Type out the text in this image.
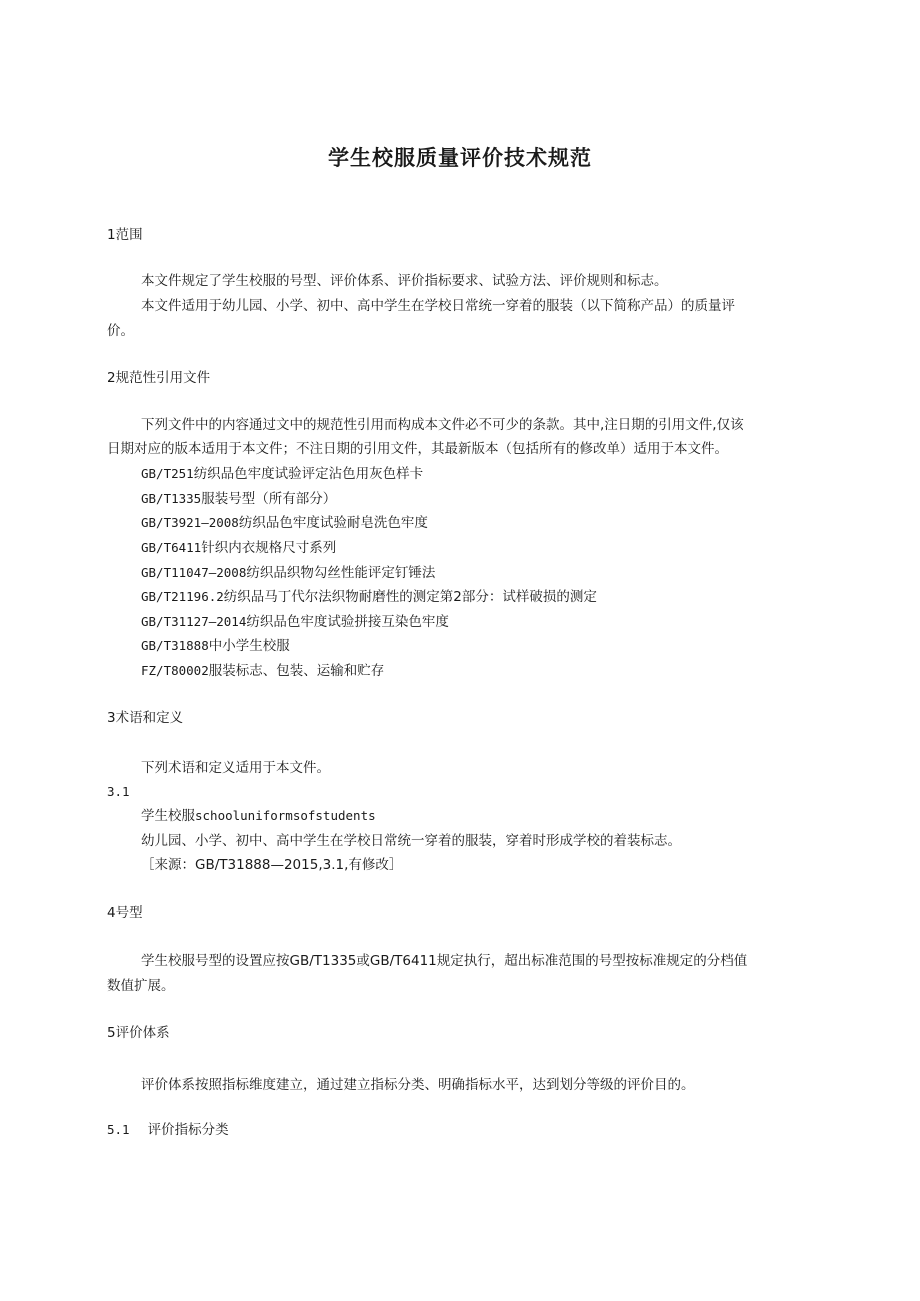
学生校服质量评价技术规范
1范围
本文件规定了学生校服的号型、评价体系、评价指标要求、试验方法、评价规则和标志。
本文件适用于幼儿园、小学、初中、高中学生在学校日常统一穿着的服装（以下简称产品）的质量评
价。
2规范性引用文件
下列文件中的内容通过文中的规范性引用而构成本文件必不可少的条款。其中,注日期的引用文件,仅该
日期对应的版本适用于本文件；不注日期的引用文件，其最新版本（包括所有的修改单）适用于本文件。
GB/T251纺织品色牢度试验评定沾色用灰色样卡
GB/T1335服装号型（所有部分）
GB/T3921—2008纺织品色牢度试验耐皂洗色牢度
GB/T6411针织内衣规格尺寸系列
GB/T11047—2008纺织品织物勾丝性能评定钉锤法
GB/T21196.2纺织品马丁代尔法织物耐磨性的测定第2部分：试样破损的测定
GB/T31127—2014纺织品色牢度试验拼接互染色牢度
GB/T31888中小学生校服
FZ/T80002服装标志、包装、运输和贮存
3术语和定义
下列术语和定义适用于本文件。
3.1
学生校服schooluniformsofstudents
幼儿园、小学、初中、高中学生在学校日常统一穿着的服装，穿着时形成学校的着装标志。
［来源：GB/T31888—2015,3.1,有修改］
4号型
学生校服号型的设置应按GB/T1335或GB/T6411规定执行，超出标准范围的号型按标准规定的分档值
数值扩展。
5评价体系
评价体系按照指标维度建立，通过建立指标分类、明确指标水平，达到划分等级的评价目的。
5.1 评价指标分类
